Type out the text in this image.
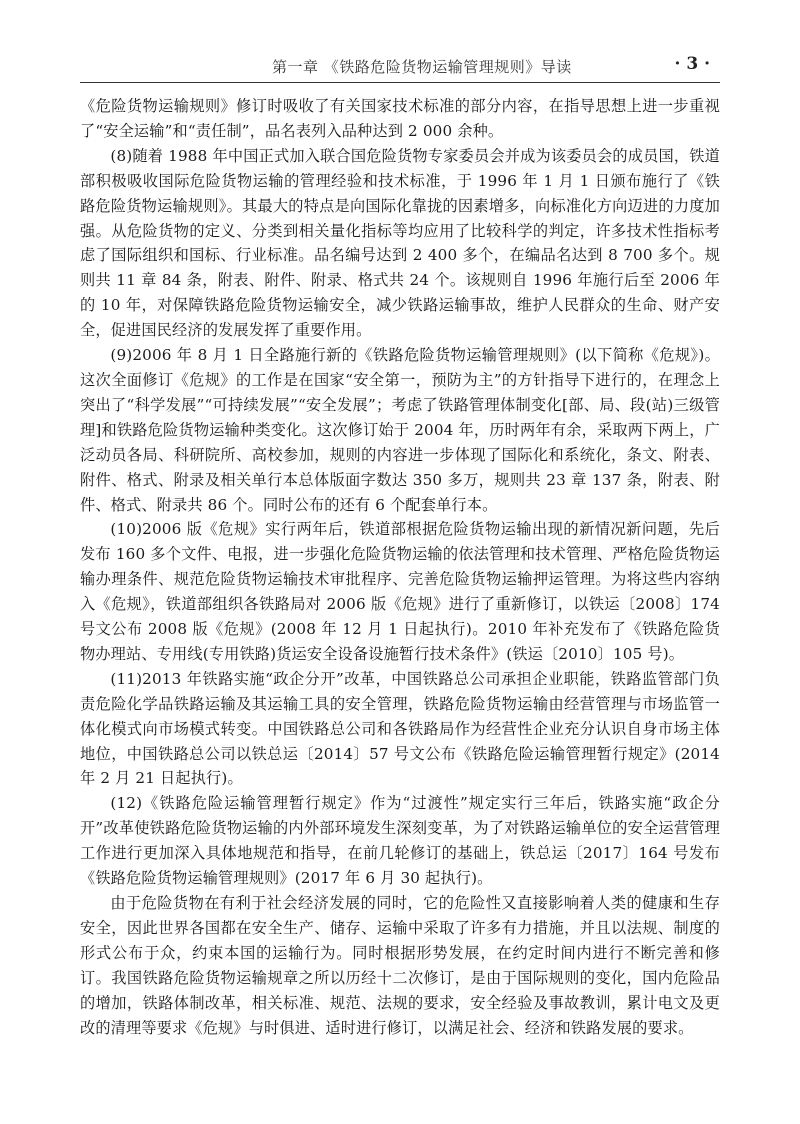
第一章 《铁路危险货物运输管理规则》导读	· 3 ·

《危险货物运输规则》修订时吸收了有关国家技术标准的部分内容，在指导思想上进一步重视了“安全运输”和“责任制”，品名表列入品种达到 2 000 余种。

(8)随着 1988 年中国正式加入联合国危险货物专家委员会并成为该委员会的成员国，铁道部积极吸收国际危险货物运输的管理经验和技术标准，于 1996 年 1 月 1 日颁布施行了《铁路危险货物运输规则》。其最大的特点是向国际化靠拢的因素增多，向标准化方向迈进的力度加强。从危险货物的定义、分类到相关量化指标等均应用了比较科学的判定，许多技术性指标考虑了国际组织和国标、行业标准。品名编号达到 2 400 多个，在编品名达到 8 700 多个。规则共 11 章 84 条，附表、附件、附录、格式共 24 个。该规则自 1996 年施行后至 2006 年的 10 年，对保障铁路危险货物运输安全，减少铁路运输事故，维护人民群众的生命、财产安全，促进国民经济的发展发挥了重要作用。

(9)2006 年 8 月 1 日全路施行新的《铁路危险货物运输管理规则》(以下简称《危规》)。这次全面修订《危规》的工作是在国家“安全第一，预防为主”的方针指导下进行的，在理念上突出了“科学发展”“可持续发展”“安全发展”；考虑了铁路管理体制变化[部、局、段(站)三级管理]和铁路危险货物运输种类变化。这次修订始于 2004 年，历时两年有余，采取两下两上，广泛动员各局、科研院所、高校参加，规则的内容进一步体现了国际化和系统化，条文、附表、附件、格式、附录及相关单行本总体版面字数达 350 多万，规则共 23 章 137 条，附表、附件、格式、附录共 86 个。同时公布的还有 6 个配套单行本。

(10)2006 版《危规》实行两年后，铁道部根据危险货物运输出现的新情况新问题，先后发布 160 多个文件、电报，进一步强化危险货物运输的依法管理和技术管理、严格危险货物运输办理条件、规范危险货物运输技术审批程序、完善危险货物运输押运管理。为将这些内容纳入《危规》，铁道部组织各铁路局对 2006 版《危规》进行了重新修订，以铁运〔2008〕174 号文公布 2008 版《危规》(2008 年 12 月 1 日起执行)。2010 年补充发布了《铁路危险货物办理站、专用线(专用铁路)货运安全设备设施暂行技术条件》(铁运〔2010〕105 号)。

(11)2013 年铁路实施“政企分开”改革，中国铁路总公司承担企业职能，铁路监管部门负责危险化学品铁路运输及其运输工具的安全管理，铁路危险货物运输由经营管理与市场监管一体化模式向市场模式转变。中国铁路总公司和各铁路局作为经营性企业充分认识自身市场主体地位，中国铁路总公司以铁总运〔2014〕57 号文公布《铁路危险运输管理暂行规定》(2014 年 2 月 21 日起执行)。

(12)《铁路危险运输管理暂行规定》作为“过渡性”规定实行三年后，铁路实施“政企分开”改革使铁路危险货物运输的内外部环境发生深刻变革，为了对铁路运输单位的安全运营管理工作进行更加深入具体地规范和指导，在前几轮修订的基础上，铁总运〔2017〕164 号发布《铁路危险货物运输管理规则》(2017 年 6 月 30 起执行)。

由于危险货物在有利于社会经济发展的同时，它的危险性又直接影响着人类的健康和生存安全，因此世界各国都在安全生产、储存、运输中采取了许多有力措施，并且以法规、制度的形式公布于众，约束本国的运输行为。同时根据形势发展，在约定时间内进行不断完善和修订。我国铁路危险货物运输规章之所以历经十二次修订，是由于国际规则的变化，国内危险品的增加，铁路体制改革，相关标准、规范、法规的要求，安全经验及事故教训，累计电文及更改的清理等要求《危规》与时俱进、适时进行修订，以满足社会、经济和铁路发展的要求。
